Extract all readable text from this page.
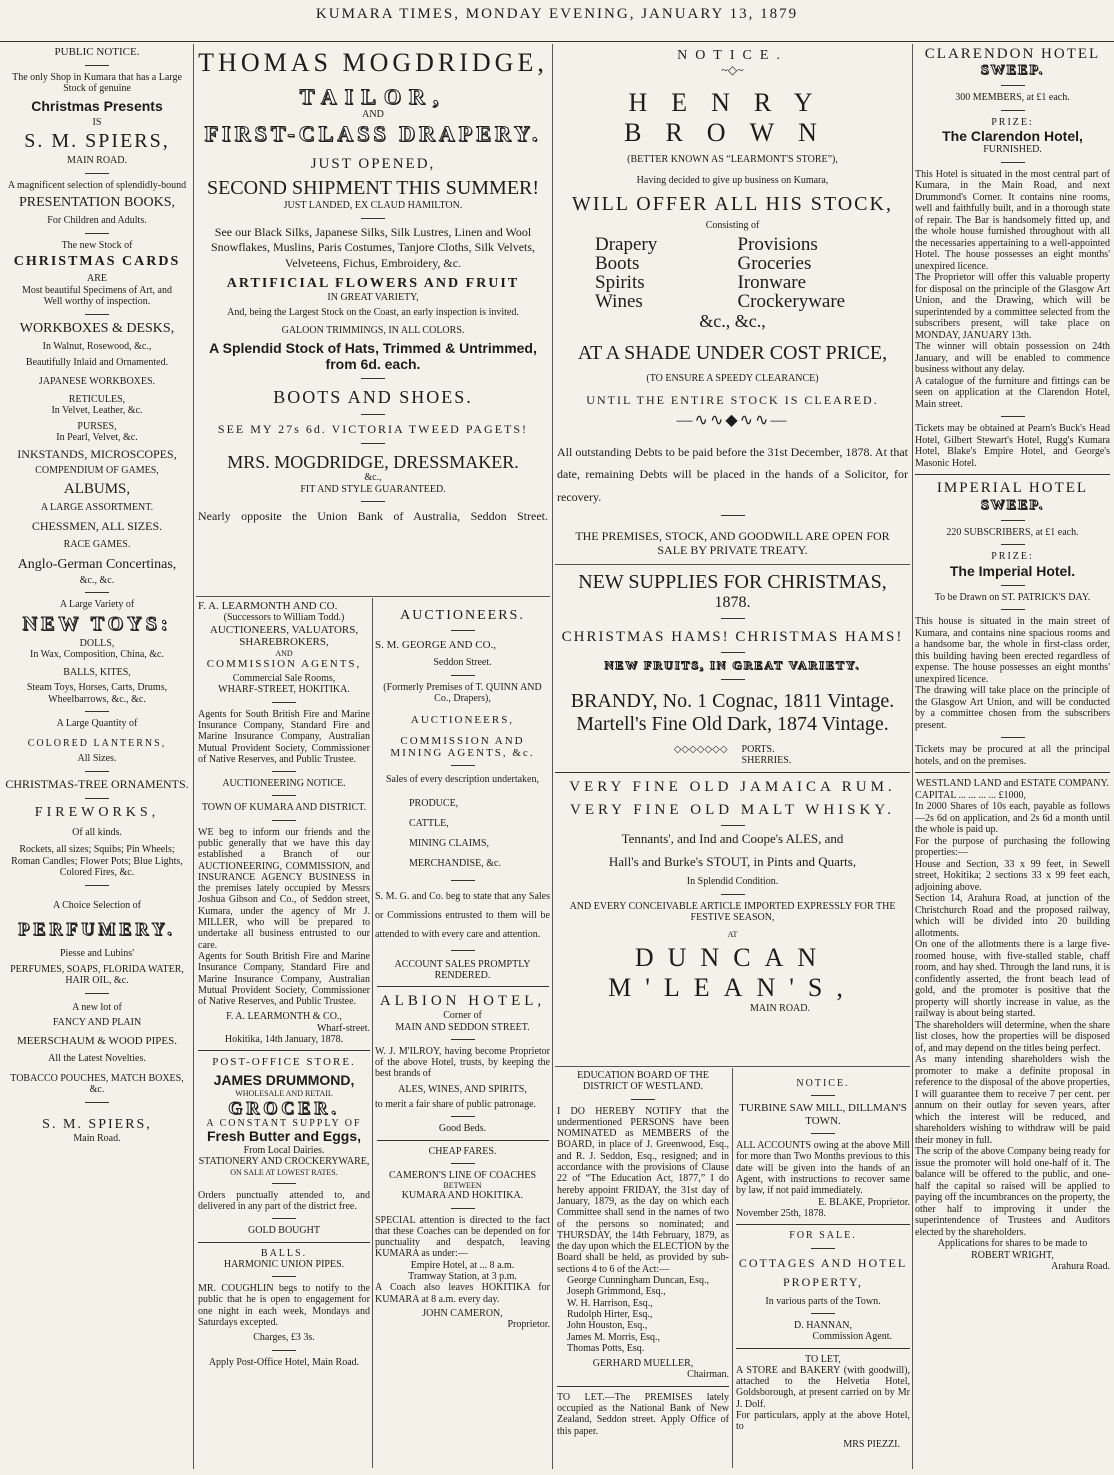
KUMARA TIMES, MONDAY EVENING, JANUARY 13, 1879

PUBLIC NOTICE.

The only Shop in Kumara that has a Large Stock of genuine

Christmas Presents

IS

S. M. SPIERS,

MAIN ROAD.

A magnificent selection of splendidly-bound

PRESENTATION BOOKS,

For Children and Adults.

The new Stock of

CHRISTMAS CARDS

ARE

Most beautiful Specimens of Art, and

Well worthy of inspection.

WORKBOXES & DESKS,

In Walnut, Rosewood, &c.,

Beautifully Inlaid and Ornamented.

JAPANESE WORKBOXES.

RETICULES,

In Velvet, Leather, &c.

PURSES,

In Pearl, Velvet, &c.

INKSTANDS, MICROSCOPES,

COMPENDIUM OF GAMES,

ALBUMS,

A LARGE ASSORTMENT.

CHESSMEN, ALL SIZES.

RACE GAMES.

Anglo-German Concertinas,

&c., &c.

A Large Variety of

NEW TOYS:

DOLLS,

In Wax, Composition, China, &c.

BALLS, KITES,

Steam Toys, Horses, Carts, Drums, Wheelbarrows, &c., &c.

A Large Quantity of

COLORED LANTERNS,

All Sizes.

CHRISTMAS-TREE ORNAMENTS.

FIREWORKS,

Of all kinds.

Rockets, all sizes; Squibs; Pin Wheels; Roman Candles; Flower Pots; Blue Lights, Colored Fires, &c.

A Choice Selection of

PERFUMERY.

Piesse and Lubins'

PERFUMES, SOAPS, FLORIDA WATER, HAIR OIL, &c.

A new lot of

FANCY AND PLAIN

MEERSCHAUM & WOOD PIPES.

All the Latest Novelties.

TOBACCO POUCHES, MATCH BOXES, &c.

S. M. SPIERS,

Main Road.

THOMAS MOGDRIDGE,

TAILOR,

AND

FIRST-CLASS DRAPERY.

JUST OPENED,

SECOND SHIPMENT THIS SUMMER!

JUST LANDED, EX CLAUD HAMILTON.

See our Black Silks, Japanese Silks, Silk Lustres, Linen and Wool Snowflakes, Muslins, Paris Costumes, Tanjore Cloths, Silk Velvets, Velveteens, Fichus, Embroidery, &c.

ARTIFICIAL FLOWERS AND FRUIT

IN GREAT VARIETY,

And, being the Largest Stock on the Coast, an early inspection is invited.

GALOON TRIMMINGS, IN ALL COLORS.

A Splendid Stock of Hats, Trimmed & Untrimmed, from 6d. each.

BOOTS AND SHOES.

SEE MY 27s 6d. VICTORIA TWEED PAGETS!

MRS. MOGDRIDGE, DRESSMAKER.

&c.,

FIT AND STYLE GUARANTEED.

Nearly opposite the Union Bank of Australia, Seddon Street.

F. A. LEARMONTH AND CO.

(Successors to William Todd.)

AUCTIONEERS, VALUATORS, SHAREBROKERS,

AND

COMMISSION AGENTS,

Commercial Sale Rooms,

WHARF-STREET, HOKITIKA.

Agents for South British Fire and Marine Insurance Company, Standard Fire and Marine Insurance Company, Australian Mutual Provident Society, Commissioner of Native Reserves, and Public Trustee.

AUCTIONEERING NOTICE.

TOWN OF KUMARA AND DISTRICT.

WE beg to inform our friends and the public generally that we have this day established a Branch of our AUCTIONEERING, COMMISSION, and INSURANCE AGENCY BUSINESS in the premises lately occupied by Messrs Joshua Gibson and Co., of Seddon street, Kumara, under the agency of Mr J. MILLER, who will be prepared to undertake all business entrusted to our care.

Agents for South British Fire and Marine Insurance Company, Standard Fire and Marine Insurance Company, Australian Mutual Provident Society, Commissioner of Native Reserves, and Public Trustee.

F. A. LEARMONTH & CO.,

Wharf-street.

Hokitika, 14th January, 1878.

POST-OFFICE STORE.

JAMES DRUMMOND,

WHOLESALE AND RETAIL

GROCER.

A CONSTANT SUPPLY OF

Fresh Butter and Eggs,

From Local Dairies.

STATIONERY AND CROCKERYWARE,

ON SALE AT LOWEST RATES.

Orders punctually attended to, and delivered in any part of the district free.

GOLD BOUGHT

BALLS.

HARMONIC UNION PIPES.

MR. COUGHLIN begs to notify to the public that he is open to engagement for one night in each week, Mondays and Saturdays excepted.

Charges, £3 3s.

Apply Post-Office Hotel, Main Road.

AUCTIONEERS.

S. M. GEORGE AND CO.,

Seddon Street.

(Formerly Premises of T. QUINN AND Co., Drapers),

AUCTIONEERS,

COMMISSION AND MINING AGENTS, &c.

Sales of every description undertaken,

PRODUCE,

CATTLE,

MINING CLAIMS,

MERCHANDISE, &c.

S. M. G. and Co. beg to state that any Sales or Commissions entrusted to them will be attended to with every care and attention.

ACCOUNT SALES PROMPTLY RENDERED.

ALBION HOTEL,

Corner of

MAIN AND SEDDON STREET.

W. J. M'ILROY, having become Proprietor of the above Hotel, trusts, by keeping the best brands of

ALES, WINES, AND SPIRITS,

to merit a fair share of public patronage.

Good Beds.

CHEAP FARES.

CAMERON'S LINE OF COACHES

BETWEEN

KUMARA AND HOKITIKA.

SPECIAL attention is directed to the fact that these Coaches can be depended on for punctuality and despatch, leaving KUMARA as under:—

Empire Hotel, at ... 8 a.m.

Tramway Station, at 3 p.m.

A Coach also leaves HOKITIKA for KUMARA at 8 a.m. every day.

JOHN CAMERON,

Proprietor.

NOTICE.

~◇~

HENRY BROWN

(BETTER KNOWN AS “LEARMONT'S STORE”),

Having decided to give up business on Kumara,

WILL OFFER ALL HIS STOCK,

Consisting of

Drapery	Provisions

Boots	Groceries

Spirits	Ironware

Wines	Crockeryware

&c., &c.,

AT A SHADE UNDER COST PRICE,

(TO ENSURE A SPEEDY CLEARANCE)

UNTIL THE ENTIRE STOCK IS CLEARED.

—∿∿◆∿∿—

All outstanding Debts to be paid before the 31st December, 1878. At that date, remaining Debts will be placed in the hands of a Solicitor, for recovery.

THE PREMISES, STOCK, AND GOODWILL ARE OPEN FOR SALE BY PRIVATE TREATY.

NEW SUPPLIES FOR CHRISTMAS,

1878.

CHRISTMAS HAMS! CHRISTMAS HAMS!

NEW FRUITS, IN GREAT VARIETY.

BRANDY, No. 1 Cognac, 1811 Vintage.

Martell's Fine Old Dark, 1874 Vintage.

◇◇◇◇◇◇◇ PORTS.
SHERRIES.

VERY FINE OLD JAMAICA RUM.

VERY FINE OLD MALT WHISKY.

Tennants', and Ind and Coope's ALES, and

Hall's and Burke's STOUT, in Pints and Quarts,

In Splendid Condition.

AND EVERY CONCEIVABLE ARTICLE IMPORTED EXPRESSLY FOR THE FESTIVE SEASON,

AT

DUNCAN M'LEAN'S,

MAIN ROAD.

EDUCATION BOARD OF THE DISTRICT OF WESTLAND.

I DO HEREBY NOTIFY that the undermentioned PERSONS have been NOMINATED as MEMBERS of the BOARD, in place of J. Greenwood, Esq., and R. J. Seddon, Esq., resigned; and in accordance with the provisions of Clause 22 of “The Education Act, 1877,” I do hereby appoint FRIDAY, the 31st day of January, 1879, as the day on which each Committee shall send in the names of two of the persons so nominated; and THURSDAY, the 14th February, 1879, as the day upon which the ELECTION by the Board shall be held, as provided by sub-sections 4 to 6 of the Act:—

George Cunningham Duncan, Esq.,

Joseph Grimmond, Esq.,

W. H. Harrison, Esq.,

Rudolph Hirter, Esq.,

John Houston, Esq.,

James M. Morris, Esq.,

Thomas Potts, Esq.

GERHARD MUELLER,

Chairman.

TO LET.—The PREMISES lately occupied as the National Bank of New Zealand, Seddon street. Apply Office of this paper.

NOTICE.

TURBINE SAW MILL, DILLMAN'S TOWN.

ALL ACCOUNTS owing at the above Mill for more than Two Months previous to this date will be given into the hands of an Agent, with instructions to recover same by law, if not paid immediately.

E. BLAKE, Proprietor.

November 25th, 1878.

FOR SALE.

COTTAGES AND HOTEL

PROPERTY,

In various parts of the Town.

D. HANNAN,

Commission Agent.

TO LET,

A STORE and BAKERY (with goodwill), attached to the Helvetia Hotel, Goldsborough, at present carried on by Mr J. Dolf.

For particulars, apply at the above Hotel, to

MRS PIEZZI.

CLARENDON HOTEL

SWEEP.

300 MEMBERS, at £1 each.

PRIZE:

The Clarendon Hotel,

FURNISHED.

This Hotel is situated in the most central part of Kumara, in the Main Road, and next Drummond's Corner. It contains nine rooms, well and faithfully built, and in a thorough state of repair. The Bar is handsomely fitted up, and the whole house furnished throughout with all the necessaries appertaining to a well-appointed Hotel. The house possesses an eight months' unexpired licence.

The Proprietor will offer this valuable property for disposal on the principle of the Glasgow Art Union, and the Drawing, which will be superintended by a committee selected from the subscribers present, will take place on MONDAY, JANUARY 13th.

The winner will obtain possession on 24th January, and will be enabled to commence business without any delay.

A catalogue of the furniture and fittings can be seen on application at the Clarendon Hotel, Main street.

Tickets may be obtained at Pearn's Buck's Head Hotel, Gilbert Stewart's Hotel, Rugg's Kumara Hotel, Blake's Empire Hotel, and George's Masonic Hotel.

IMPERIAL HOTEL

SWEEP.

220 SUBSCRIBERS, at £1 each.

PRIZE:

The Imperial Hotel.

To be Drawn on ST. PATRICK'S DAY.

This house is situated in the main street of Kumara, and contains nine spacious rooms and a handsome bar, the whole in first-class order, this building having been erected regardless of expense. The house possesses an eight months' unexpired licence.

The drawing will take place on the principle of the Glasgow Art Union, and will be conducted by a committee chosen from the subscribers present.

Tickets may be procured at all the principal hotels, and on the premises.

WESTLAND LAND and ESTATE COMPANY.

CAPITAL ... ... ... ... £1000,

In 2000 Shares of 10s each, payable as follows—2s 6d on application, and 2s 6d a month until the whole is paid up.

For the purpose of purchasing the following properties:—

House and Section, 33 x 99 feet, in Sewell street, Hokitika; 2 sections 33 x 99 feet each, adjoining above.

Section 14, Arahura Road, at junction of the Christchurch Road and the proposed railway, which will be divided into 20 building allotments.

On one of the allotments there is a large five-roomed house, with five-stalled stable, chaff room, and hay shed. Through the land runs, it is confidently asserted, the front beach lead of gold, and the promoter is positive that the property will shortly increase in value, as the railway is about being started.

The shareholders will determine, when the share list closes, how the properties will be disposed of, and may depend on the titles being perfect.

As many intending shareholders wish the promoter to make a definite proposal in reference to the disposal of the above properties, I will guarantee them to receive 7 per cent. per annum on their outlay for seven years, after which the interest will be reduced, and shareholders wishing to withdraw will be paid their money in full.

The scrip of the above Company being ready for issue the promoter will hold one-half of it. The balance will be offered to the public, and one-half the capital so raised will be applied to paying off the incumbrances on the property, the other half to improving it under the superintendence of Trustees and Auditors elected by the shareholders.

Applications for shares to be made to

ROBERT WRIGHT,

Arahura Road.
